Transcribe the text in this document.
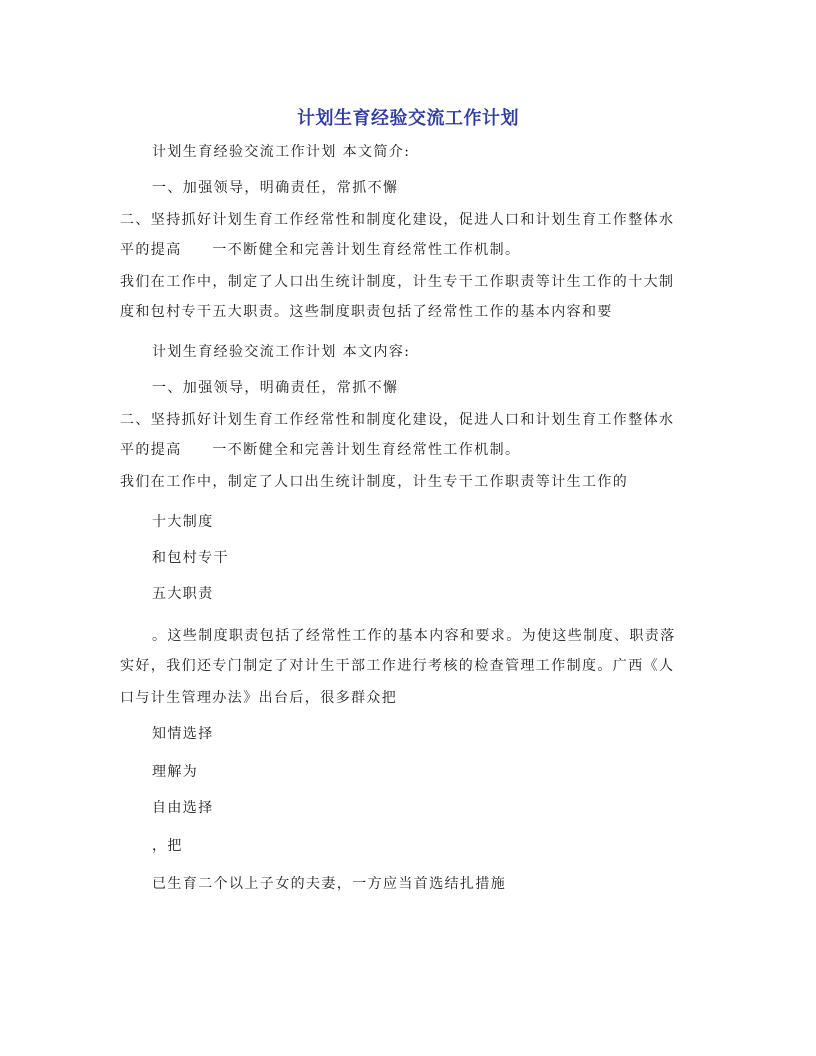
计划生育经验交流工作计划
计划生育经验交流工作计划 本文简介:
一、加强领导，明确责任，常抓不懈
二、坚持抓好计划生育工作经常性和制度化建设，促进人口和计划生育工作整体水
平的提高　　一不断健全和完善计划生育经常性工作机制。
我们在工作中，制定了人口出生统计制度，计生专干工作职责等计生工作的十大制
度和包村专干五大职责。这些制度职责包括了经常性工作的基本内容和要
计划生育经验交流工作计划 本文内容:
一、加强领导，明确责任，常抓不懈
二、坚持抓好计划生育工作经常性和制度化建设，促进人口和计划生育工作整体水
平的提高　　一不断健全和完善计划生育经常性工作机制。
我们在工作中，制定了人口出生统计制度，计生专干工作职责等计生工作的
十大制度
和包村专干
五大职责
。这些制度职责包括了经常性工作的基本内容和要求。为使这些制度、职责落
实好，我们还专门制定了对计生干部工作进行考核的检查管理工作制度。广西《人
口与计生管理办法》出台后，很多群众把
知情选择
理解为
自由选择
，把
已生育二个以上子女的夫妻，一方应当首选结扎措施
